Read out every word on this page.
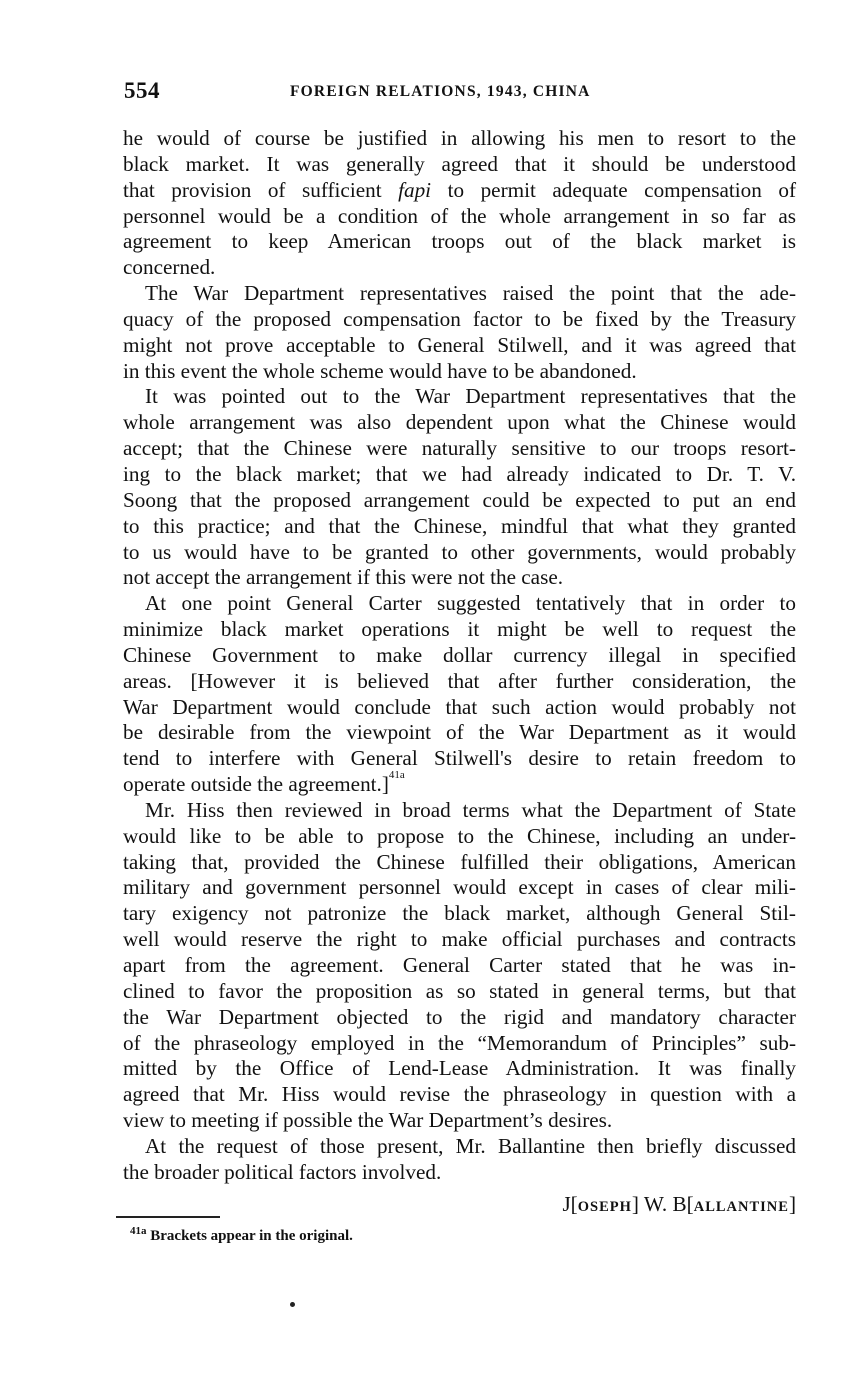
554	FOREIGN RELATIONS, 1943, CHINA
he would of course be justified in allowing his men to resort to the
black market. It was generally agreed that it should be understood
that provision of sufficient fapi to permit adequate compensation of
personnel would be a condition of the whole arrangement in so far as
agreement to keep American troops out of the black market is
concerned.
The War Department representatives raised the point that the ade-
quacy of the proposed compensation factor to be fixed by the Treasury
might not prove acceptable to General Stilwell, and it was agreed that
in this event the whole scheme would have to be abandoned.
It was pointed out to the War Department representatives that the
whole arrangement was also dependent upon what the Chinese would
accept; that the Chinese were naturally sensitive to our troops resort-
ing to the black market; that we had already indicated to Dr. T. V.
Soong that the proposed arrangement could be expected to put an end
to this practice; and that the Chinese, mindful that what they granted
to us would have to be granted to other governments, would probably
not accept the arrangement if this were not the case.
At one point General Carter suggested tentatively that in order to
minimize black market operations it might be well to request the
Chinese Government to make dollar currency illegal in specified
areas. [However it is believed that after further consideration, the
War Department would conclude that such action would probably not
be desirable from the viewpoint of the War Department as it would
tend to interfere with General Stilwell's desire to retain freedom to
operate outside the agreement.]$^{41a}$
Mr. Hiss then reviewed in broad terms what the Department of State
would like to be able to propose to the Chinese, including an under-
taking that, provided the Chinese fulfilled their obligations, American
military and government personnel would except in cases of clear mili-
tary exigency not patronize the black market, although General Stil-
well would reserve the right to make official purchases and contracts
apart from the agreement. General Carter stated that he was in-
clined to favor the proposition as so stated in general terms, but that
the War Department objected to the rigid and mandatory character
of the phraseology employed in the “Memorandum of Principles” sub-
mitted by the Office of Lend-Lease Administration. It was finally
agreed that Mr. Hiss would revise the phraseology in question with a
view to meeting if possible the War Department’s desires.
At the request of those present, Mr. Ballantine then briefly discussed
the broader political factors involved.
J[OSEPH] W. B[ALLANTINE]
$^{41a}$ Brackets appear in the original.
